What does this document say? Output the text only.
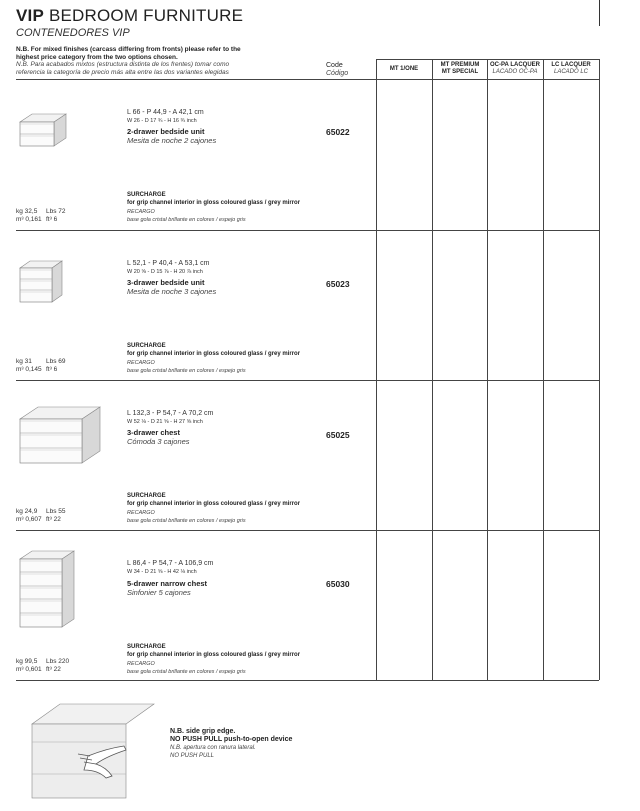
VIP BEDROOM FURNITURE
CONTENEDORES VIP
N.B. For mixed finishes (carcass differing from fronts) please refer to the
highest price category from the two options chosen.
N.B. Para acabados mixtos (estructura distinta de los frentes) tomar como
referencia la categoría de precio más alta entre las dos variantes elegidas
Code
Código
MT 1/ONE
MT PREMIUM
MT SPECIAL
OC-PA LACQUER
LACADO OC-PA
LC LACQUER
LACADO LC
L 66 - P 44,9 - A 42,1 cm
W 26 - D 17 ¾ - H 16 ¾ inch
2-drawer bedside unit
Mesita de noche 2 cajones
65022
SURCHARGE
for grip channel interior in gloss coloured glass / grey mirror
RECARGO
base gola cristal brillante en colores / espejo gris
kg 32,5 Lbs 72
m³ 0,161 ft³ 6
L 52,1 - P 40,4 - A 53,1 cm
W 20 ⅝ - D 15 ⅞ - H 20 ⅞ inch
3-drawer bedside unit
Mesita de noche 3 cajones
65023
SURCHARGE
for grip channel interior in gloss coloured glass / grey mirror
RECARGO
base gola cristal brillante en colores / espejo gris
kg 31 Lbs 69
m³ 0,145 ft³ 6
L 132,3 - P 54,7 - A 70,2 cm
W 52 ⅛ - D 21 ⅝ - H 27 ⅝ inch
3-drawer chest
Cómoda 3 cajones
65025
SURCHARGE
for grip channel interior in gloss coloured glass / grey mirror
RECARGO
base gola cristal brillante en colores / espejo gris
kg 24,9 Lbs 55
m³ 0,607 ft³ 22
L 86,4 - P 54,7 - A 106,9 cm
W 34 - D 21 ⅝ - H 42 ⅛ inch
5-drawer narrow chest
Sinfonier 5 cajones
65030
SURCHARGE
for grip channel interior in gloss coloured glass / grey mirror
RECARGO
base gola cristal brillante en colores / espejo gris
kg 99,5 Lbs 220
m³ 0,601 ft³ 22
N.B. side grip edge.
NO PUSH PULL push-to-open device
N.B. apertura con ranura lateral.
NO PUSH PULL
